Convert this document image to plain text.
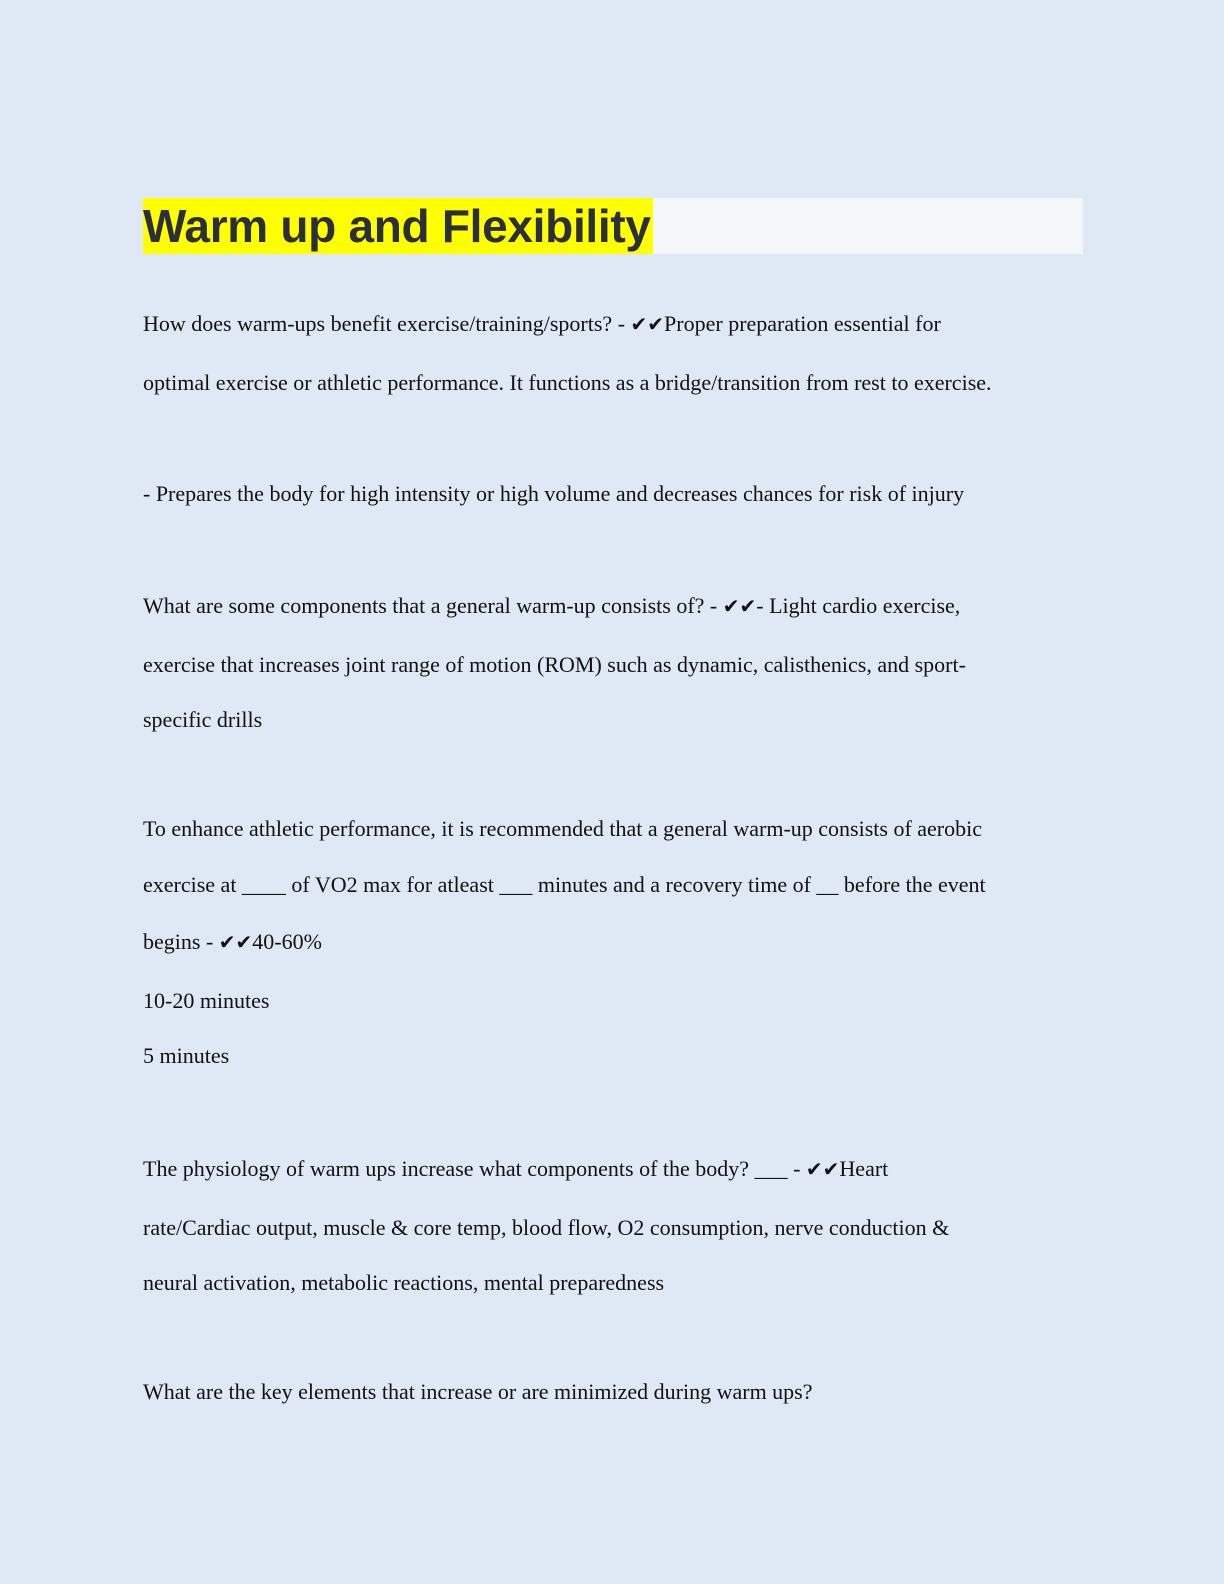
Warm up and Flexibility
How does warm-ups benefit exercise/training/sports? - ✔✔Proper preparation essential for
optimal exercise or athletic performance. It functions as a bridge/transition from rest to exercise.
- Prepares the body for high intensity or high volume and decreases chances for risk of injury
What are some components that a general warm-up consists of? - ✔✔- Light cardio exercise,
exercise that increases joint range of motion (ROM) such as dynamic, calisthenics, and sport-
specific drills
To enhance athletic performance, it is recommended that a general warm-up consists of aerobic
exercise at ____ of VO2 max for atleast ___ minutes and a recovery time of __ before the event
begins - ✔✔40-60%
10-20 minutes
5 minutes
The physiology of warm ups increase what components of the body? ___ - ✔✔Heart
rate/Cardiac output, muscle & core temp, blood flow, O2 consumption, nerve conduction &
neural activation, metabolic reactions, mental preparedness
What are the key elements that increase or are minimized during warm ups?
